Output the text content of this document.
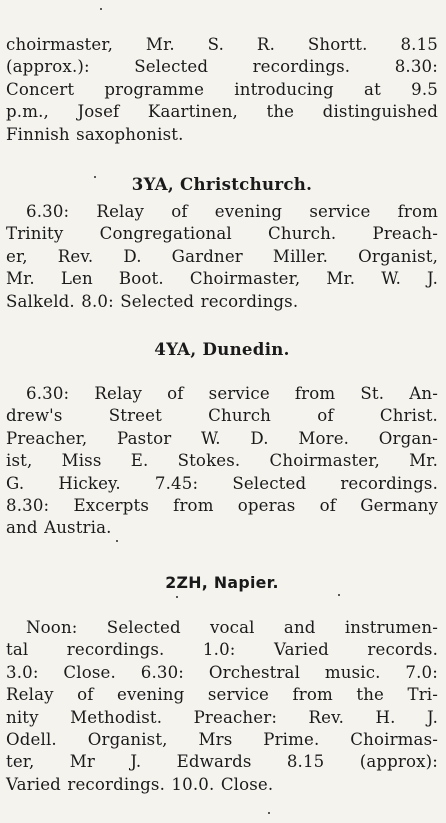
choirmaster, Mr. S. R. Shortt. 8.15
(approx.): Selected recordings. 8.30:
Concert programme introducing at 9.5
p.m., Josef Kaartinen, the distinguished
Finnish saxophonist.

3YA, Christchurch.

6.30: Relay of evening service from
Trinity Congregational Church. Preach-
er, Rev. D. Gardner Miller. Organist,
Mr. Len Boot. Choirmaster, Mr. W. J.
Salkeld. 8.0: Selected recordings.

4YA, Dunedin.

6.30: Relay of service from St. An-
drew's Street Church of Christ.
Preacher, Pastor W. D. More. Organ-
ist, Miss E. Stokes. Choirmaster, Mr.
G. Hickey. 7.45: Selected recordings.
8.30: Excerpts from operas of Germany
and Austria.

2ZH, Napier.

Noon: Selected vocal and instrumen-
tal recordings. 1.0: Varied records.
3.0: Close. 6.30: Orchestral music. 7.0:
Relay of evening service from the Tri-
nity Methodist. Preacher: Rev. H. J.
Odell. Organist, Mrs Prime. Choirmas-
ter, Mr J. Edwards 8.15 (approx):
Varied recordings. 10.0. Close.
